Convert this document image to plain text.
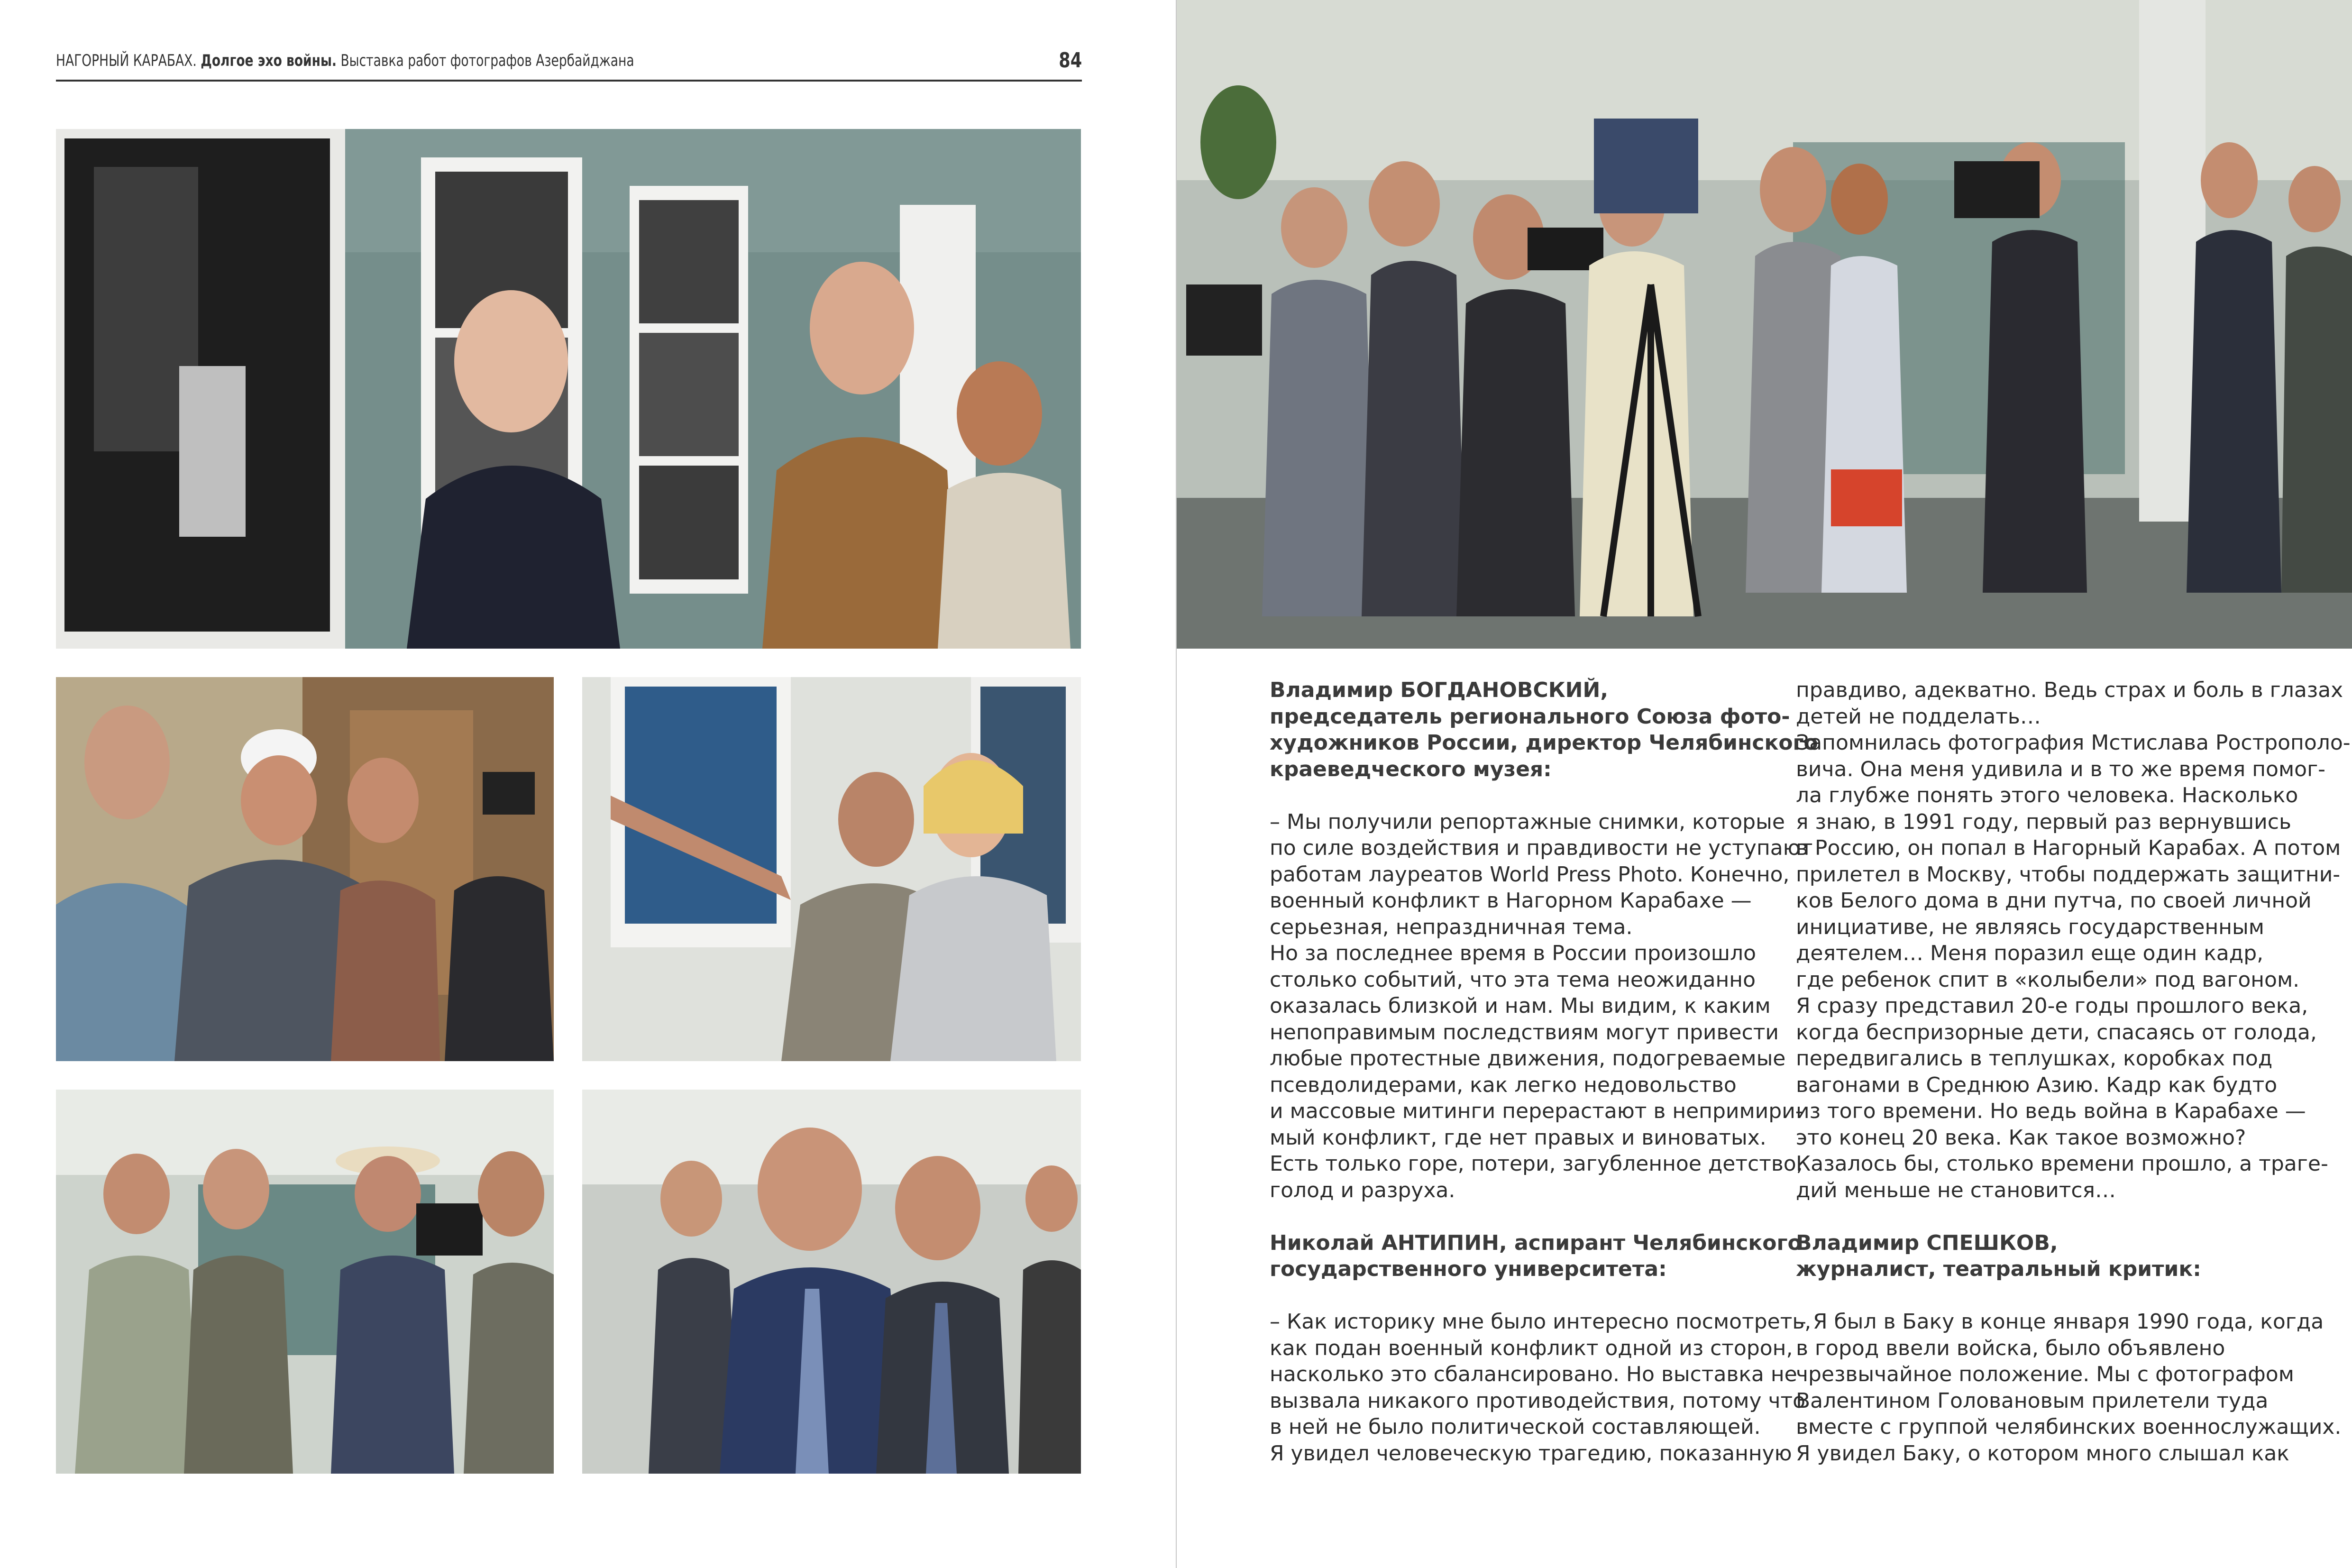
НАГОРНЫЙ КАРАБАХ. Долгое эхо войны. Выставка работ фотографов Азербайджана	84

Владимир БОГДАНОВСКИЙ,

председатель регионального Союза фото-

художников России, директор Челябинского

краеведческого музея:

– Мы получили репортажные снимки, которые

по силе воздействия и правдивости не уступают

работам лауреатов World Press Photo. Конечно,

военный конфликт в Нагорном Карабахе —

серьезная, непраздничная тема.

Но за последнее время в России произошло

столько событий, что эта тема неожиданно

оказалась близкой и нам. Мы видим, к каким

непоправимым последствиям могут привести

любые протестные движения, подогреваемые

псевдолидерами, как легко недовольство

и массовые митинги перерастают в непримири-

мый конфликт, где нет правых и виноватых.

Есть только горе, потери, загубленное детство,

голод и разруха.

Николай АНТИПИН, аспирант Челябинского

государственного университета:

– Как историку мне было интересно посмотреть,

как подан военный конфликт одной из сторон,

насколько это сбалансировано. Но выставка не

вызвала никакого противодействия, потому что

в ней не было политической составляющей.

Я увидел человеческую трагедию, показанную

правдиво, адекватно. Ведь страх и боль в глазах

детей не подделать…

Запомнилась фотография Мстислава Рострополо-

вича. Она меня удивила и в то же время помог-

ла глубже понять этого человека. Насколько

я знаю, в 1991 году, первый раз вернувшись

в Россию, он попал в Нагорный Карабах. А потом

прилетел в Москву, чтобы поддержать защитни-

ков Белого дома в дни путча, по своей личной

инициативе, не являясь государственным

деятелем… Меня поразил еще один кадр,

где ребенок спит в «колыбели» под вагоном.

Я сразу представил 20-е годы прошлого века,

когда беспризорные дети, спасаясь от голода,

передвигались в теплушках, коробках под

вагонами в Среднюю Азию. Кадр как будто

из того времени. Но ведь война в Карабахе —

это конец 20 века. Как такое возможно?

Казалось бы, столько времени прошло, а траге-

дий меньше не становится…

Владимир СПЕШКОВ,

журналист, театральный критик:

– Я был в Баку в конце января 1990 года, когда

в город ввели войска, было объявлено

чрезвычайное положение. Мы с фотографом

Валентином Головановым прилетели туда

вместе с группой челябинских военнослужащих.

Я увидел Баку, о котором много слышал как
